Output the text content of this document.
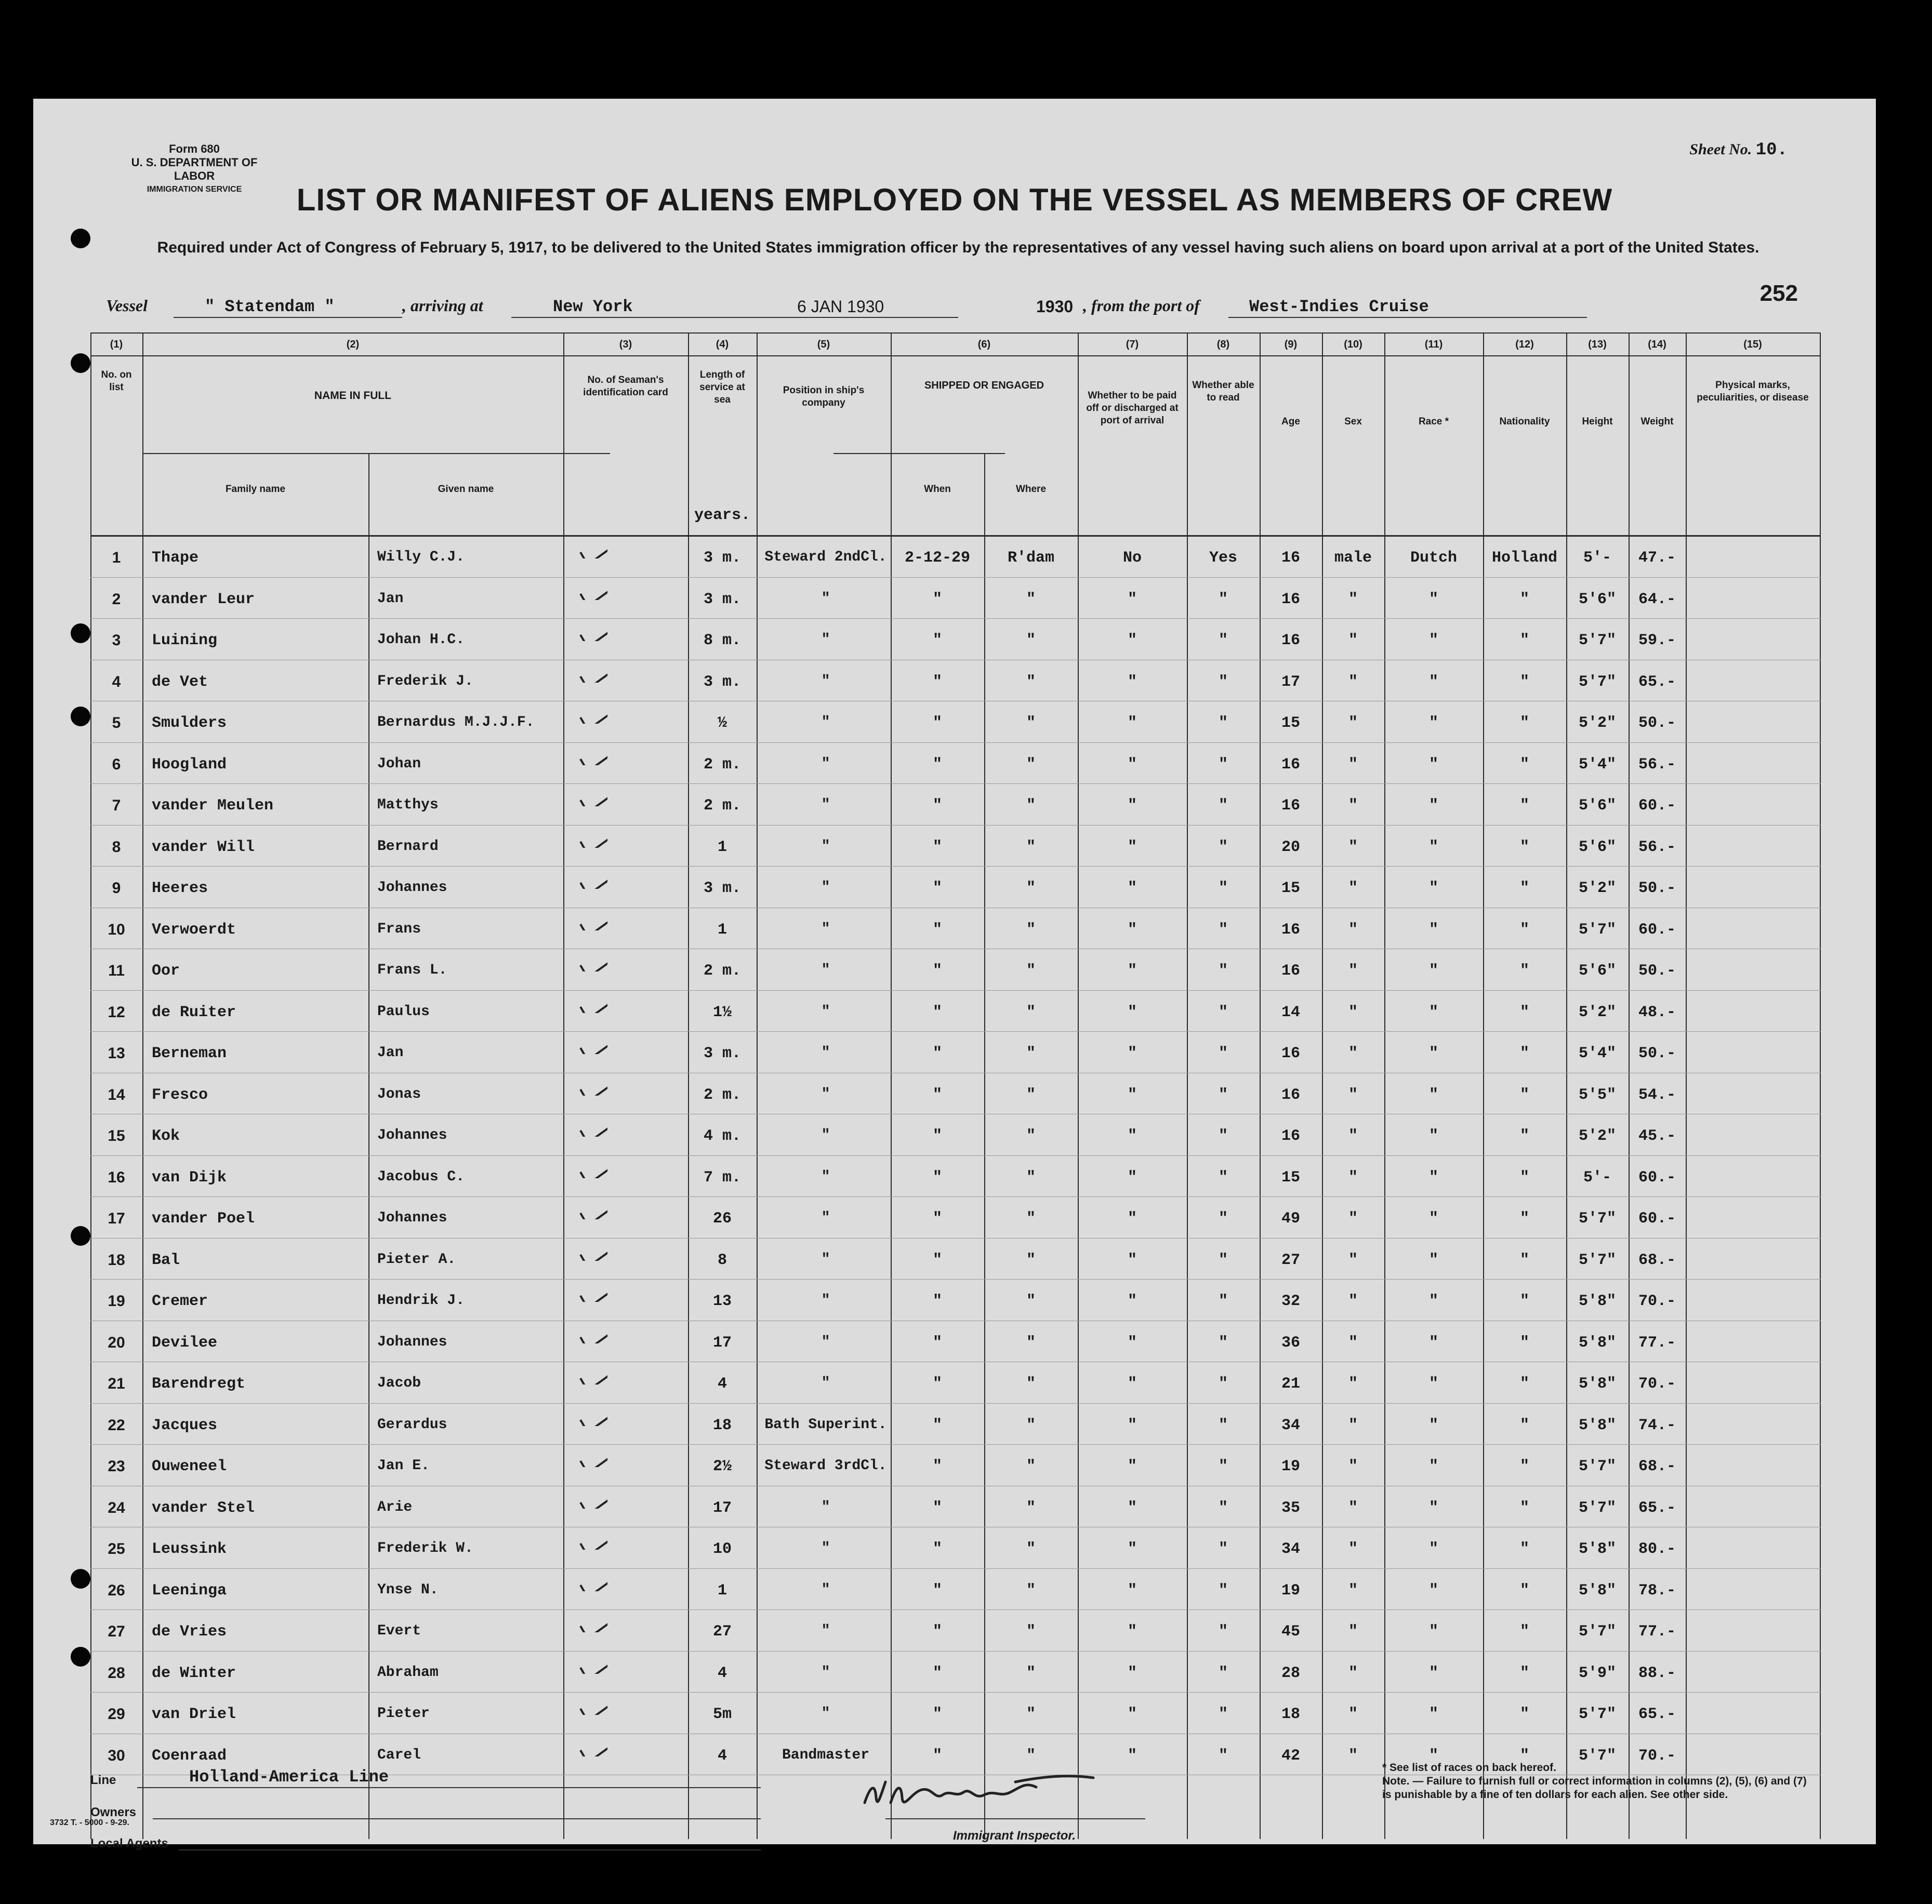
Form 680
U. S. DEPARTMENT OF LABOR
IMMIGRATION SERVICE
Sheet No. 10.
LIST OR MANIFEST OF ALIENS EMPLOYED ON THE VESSEL AS MEMBERS OF CREW
Required under Act of Congress of February 5, 1917, to be delivered to the United States immigration officer by the representatives of any vessel having such aliens on board upon arrival at a port of the United States.
252
Vessel	" Statendam "	, arriving at	New York	6 JAN 1930	1930 , from the port of	West-Indies Cruise
(1)	(2)	(3)	(4)	(5)	(6)	(7)	(8)	(9)	(10)	(11)	(12)	(13)	(14)	(15)
No. on list
NAME IN FULL
Family name	Given name
No. of Seaman's identification card
Length of service at sea
years.
Position in ship's company
SHIPPED OR ENGAGED
When	Where
Whether to be paid off or discharged at port of arrival
Whether able to read
Age	Sex	Race *	Nationality	Height	Weight
Physical marks, peculiarities, or disease
1	Thape	Willy C.J.	3 m.	Steward 2ndCl.	2-12-29	R'dam	No	Yes	16	male	Dutch	Holland	5'-	47.-
2	vander Leur	Jan	3 m.	"	"	"	"	"	16	"	"	"	5'6"	64.-
3	Luining	Johan H.C.	8 m.	"	"	"	"	"	16	"	"	"	5'7"	59.-
4	de Vet	Frederik J.	3 m.	"	"	"	"	"	17	"	"	"	5'7"	65.-
5	Smulders	Bernardus M.J.J.F.	½	"	"	"	"	"	15	"	"	"	5'2"	50.-
6	Hoogland	Johan	2 m.	"	"	"	"	"	16	"	"	"	5'4"	56.-
7	vander Meulen	Matthys	2 m.	"	"	"	"	"	16	"	"	"	5'6"	60.-
8	vander Will	Bernard	1	"	"	"	"	"	20	"	"	"	5'6"	56.-
9	Heeres	Johannes	3 m.	"	"	"	"	"	15	"	"	"	5'2"	50.-
10	Verwoerdt	Frans	1	"	"	"	"	"	16	"	"	"	5'7"	60.-
11	Oor	Frans L.	2 m.	"	"	"	"	"	16	"	"	"	5'6"	50.-
12	de Ruiter	Paulus	1½	"	"	"	"	"	14	"	"	"	5'2"	48.-
13	Berneman	Jan	3 m.	"	"	"	"	"	16	"	"	"	5'4"	50.-
14	Fresco	Jonas	2 m.	"	"	"	"	"	16	"	"	"	5'5"	54.-
15	Kok	Johannes	4 m.	"	"	"	"	"	16	"	"	"	5'2"	45.-
16	van Dijk	Jacobus C.	7 m.	"	"	"	"	"	15	"	"	"	5'-	60.-
17	vander Poel	Johannes	26	"	"	"	"	"	49	"	"	"	5'7"	60.-
18	Bal	Pieter A.	8	"	"	"	"	"	27	"	"	"	5'7"	68.-
19	Cremer	Hendrik J.	13	"	"	"	"	"	32	"	"	"	5'8"	70.-
20	Devilee	Johannes	17	"	"	"	"	"	36	"	"	"	5'8"	77.-
21	Barendregt	Jacob	4	"	"	"	"	"	21	"	"	"	5'8"	70.-
22	Jacques	Gerardus	18	Bath Superint.	"	"	"	"	34	"	"	"	5'8"	74.-
23	Ouweneel	Jan E.	2½	Steward 3rdCl.	"	"	"	"	19	"	"	"	5'7"	68.-
24	vander Stel	Arie	17	"	"	"	"	"	35	"	"	"	5'7"	65.-
25	Leussink	Frederik W.	10	"	"	"	"	"	34	"	"	"	5'8"	80.-
26	Leeninga	Ynse N.	1	"	"	"	"	"	19	"	"	"	5'8"	78.-
27	de Vries	Evert	27	"	"	"	"	"	45	"	"	"	5'7"	77.-
28	de Winter	Abraham	4	"	"	"	"	"	28	"	"	"	5'9"	88.-
29	van Driel	Pieter	5m	"	"	"	"	"	18	"	"	"	5'7"	65.-
30	Coenraad	Carel	4	Bandmaster	"	"	"	"	42	"	"	"	5'7"	70.-
Line	Holland-America Line
Owners
Local Agents
Immigrant Inspector.
* See list of races on back hereof.
Note. — Failure to furnish full or correct information in columns (2), (5), (6) and (7) is punishable by a fine of ten dollars for each alien. See other side.
3732 T. - 5000 - 9-29.
